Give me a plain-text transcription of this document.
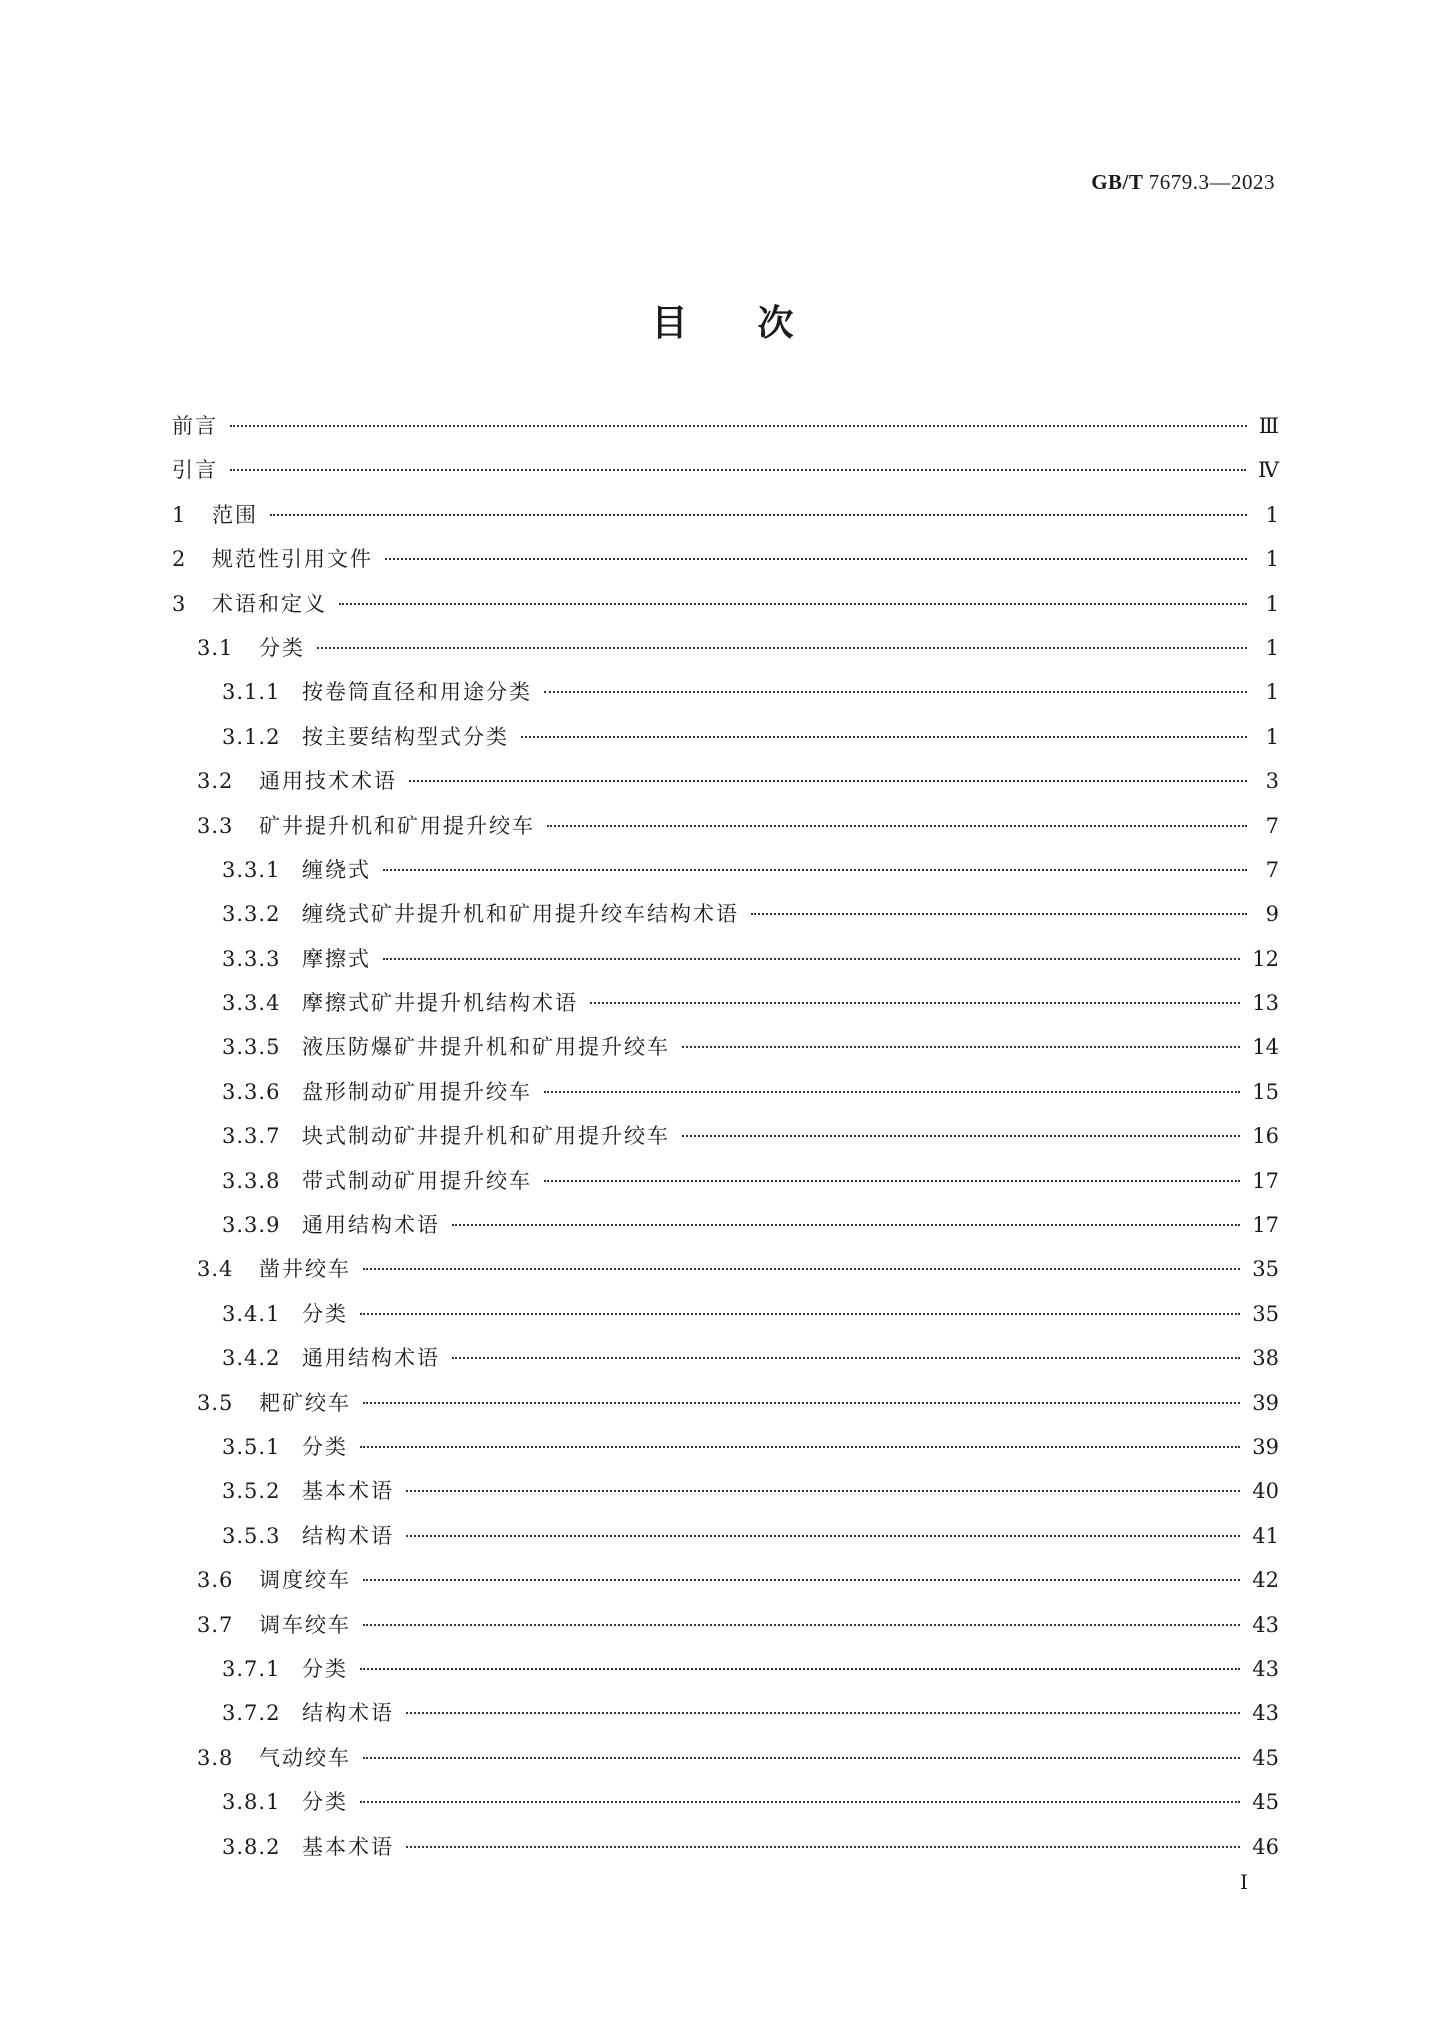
GB/T 7679.3—2023
目 次
前言	Ⅲ
引言	Ⅳ
1	范围	1
2	规范性引用文件	1
3	术语和定义	1
3.1	分类	1
3.1.1	按卷筒直径和用途分类	1
3.1.2	按主要结构型式分类	1
3.2	通用技术术语	3
3.3	矿井提升机和矿用提升绞车	7
3.3.1	缠绕式	7
3.3.2	缠绕式矿井提升机和矿用提升绞车结构术语	9
3.3.3	摩擦式	12
3.3.4	摩擦式矿井提升机结构术语	13
3.3.5	液压防爆矿井提升机和矿用提升绞车	14
3.3.6	盘形制动矿用提升绞车	15
3.3.7	块式制动矿井提升机和矿用提升绞车	16
3.3.8	带式制动矿用提升绞车	17
3.3.9	通用结构术语	17
3.4	凿井绞车	35
3.4.1	分类	35
3.4.2	通用结构术语	38
3.5	耙矿绞车	39
3.5.1	分类	39
3.5.2	基本术语	40
3.5.3	结构术语	41
3.6	调度绞车	42
3.7	调车绞车	43
3.7.1	分类	43
3.7.2	结构术语	43
3.8	气动绞车	45
3.8.1	分类	45
3.8.2	基本术语	46
I
